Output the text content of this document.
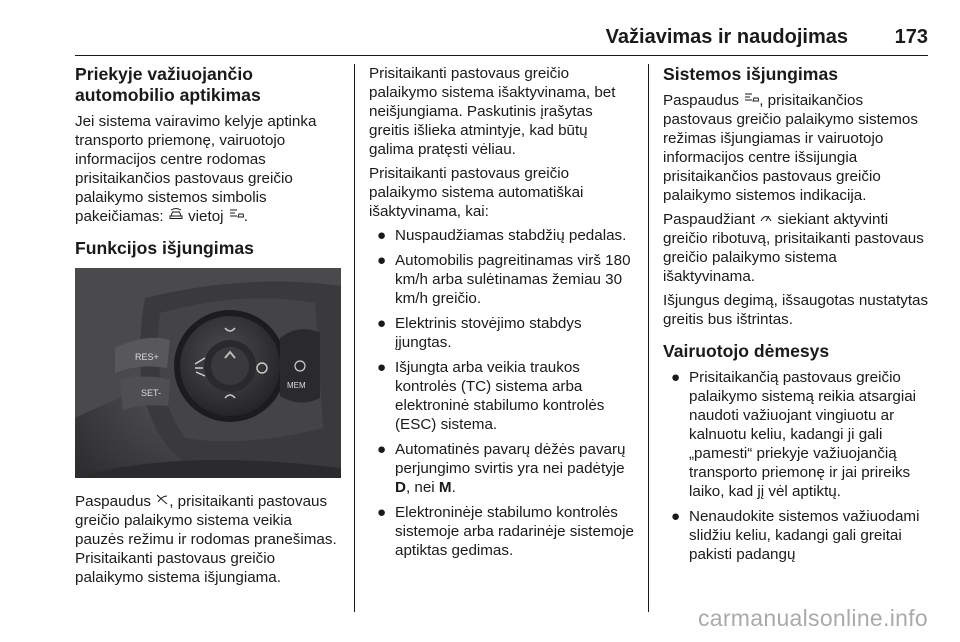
Važiavimas ir naudojimas 173
Priekyje važiuojančio automobilio aptikimas

Jei sistema vairavimo kelyje aptinka transporto priemonę, vairuotojo informacijos centre rodomas prisitaikančios pastovaus greičio palaikymo sistemos simbolis pakeičiamas:  vietoj .

Funkcijos išjungimas
RES+
SET-
MEM

Paspaudus , prisitaikanti pastovaus greičio palaikymo sistema veikia pauzės režimu ir rodomas pranešimas. Prisitaikanti pastovaus greičio palaikymo sistema išjungiama.

Prisitaikanti pastovaus greičio palaikymo sistema išaktyvinama, bet neišjungiama. Paskutinis įrašytas greitis išlieka atmintyje, kad būtų galima pratęsti vėliau.

Prisitaikanti pastovaus greičio palaikymo sistema automatiškai išaktyvinama, kai:

● Nuspaudžiamas stabdžių pedalas.
● Automobilis pagreitinamas virš 180 km/h arba sulėtinamas žemiau 30 km/h greičio.
● Elektrinis stovėjimo stabdys įjungtas.
● Išjungta arba veikia traukos kontrolės (TC) sistema arba elektroninė stabilumo kontrolės (ESC) sistema.
● Automatinės pavarų dėžės pavarų perjungimo svirtis yra nei padėtyje D, nei M.
● Elektroninėje stabilumo kontrolės sistemoje arba radarinėje sistemoje aptiktas gedimas.
Sistemos išjungimas

Paspaudus , prisitaikančios pastovaus greičio palaikymo sistemos režimas išjungiamas ir vairuotojo informacijos centre išsijungia prisitaikančios pastovaus greičio palaikymo sistemos indikacija.

Paspaudžiant  siekiant aktyvinti greičio ribotuvą, prisitaikanti pastovaus greičio palaikymo sistema išaktyvinama.

Išjungus degimą, išsaugotas nustatytas greitis bus ištrintas.

Vairuotojo dėmesys
● Prisitaikančią pastovaus greičio palaikymo sistemą reikia atsargiai naudoti važiuojant vingiuotu ar kalnuotu keliu, kadangi ji gali „pamesti“ priekyje važiuojančią transporto priemonę ir jai prireiks laiko, kad jį vėl aptiktų.
● Nenaudokite sistemos važiuodami slidžiu keliu, kadangi gali greitai pakisti padangų
carmanualsonline.info
